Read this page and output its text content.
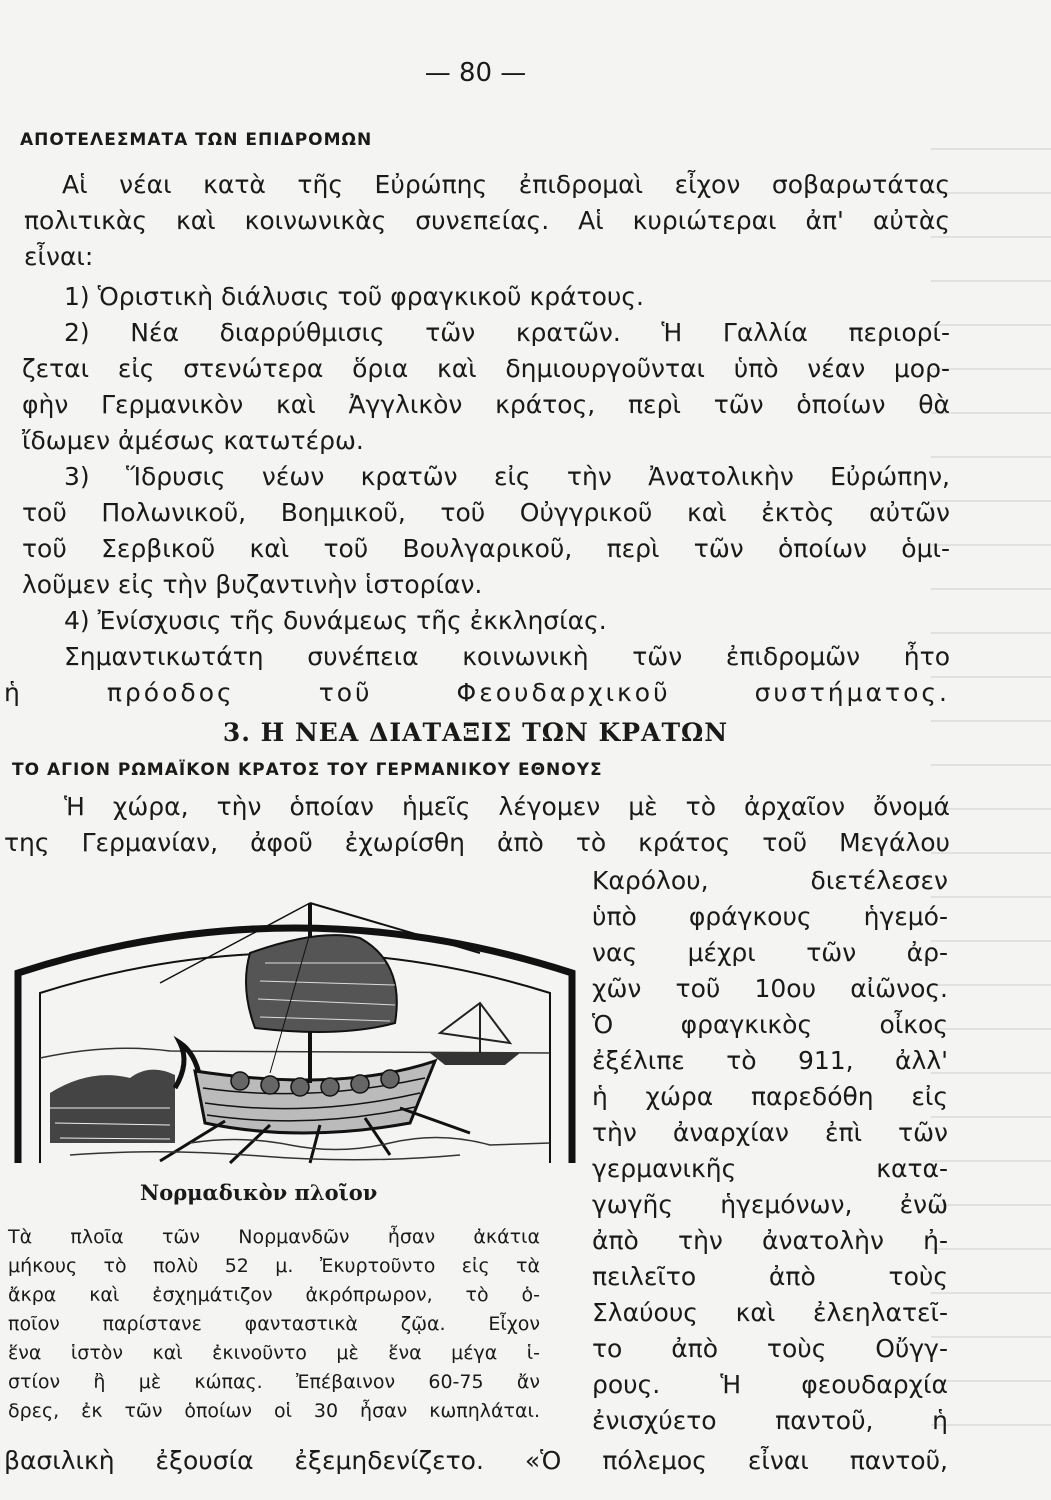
— 80 —
ΑΠΟΤΕΛΕΣΜΑΤΑ ΤΩΝ ΕΠΙΔΡΟΜΩΝ
Αἱ νέαι κατὰ τῆς Εὐρώπης ἐπιδρομαὶ εἶχον σοβαρωτάτας
πολιτικὰς καὶ κοινωνικὰς συνεπείας. Αἱ κυριώτεραι ἀπ' αὐτὰς
εἶναι:
1) Ὁριστικὴ διάλυσις τοῦ φραγκικοῦ κράτους.
2) Νέα διαρρύθμισις τῶν κρατῶν. Ἡ Γαλλία περιορί-
ζεται εἰς στενώτερα ὅρια καὶ δημιουργοῦνται ὑπὸ νέαν μορ-
φὴν Γερμανικὸν καὶ Ἀγγλικὸν κράτος, περὶ τῶν ὁποίων θὰ
ἴδωμεν ἀμέσως κατωτέρω.
3) Ἵδρυσις νέων κρατῶν εἰς τὴν Ἀνατολικὴν Εὐρώπην,
τοῦ Πολωνικοῦ, Βοημικοῦ, τοῦ Οὐγγρικοῦ καὶ ἐκτὸς αὐτῶν
τοῦ Σερβικοῦ καὶ τοῦ Βουλγαρικοῦ, περὶ τῶν ὁποίων ὁμι-
λοῦμεν εἰς τὴν βυζαντινὴν ἱστορίαν.
4) Ἐνίσχυσις τῆς δυνάμεως τῆς ἐκκλησίας.
Σημαντικωτάτη συνέπεια κοινωνικὴ τῶν ἐπιδρομῶν ἦτο
ἡ πρόοδος τοῦ Φεουδαρχικοῦ συστήματος.
3. Η ΝΕΑ ΔΙΑΤΑΞΙΣ ΤΩΝ ΚΡΑΤΩΝ
ΤΟ ΑΓΙΟΝ ΡΩΜΑΪΚΟΝ ΚΡΑΤΟΣ ΤΟΥ ΓΕΡΜΑΝΙΚΟΥ ΕΘΝΟΥΣ
Ἡ χώρα, τὴν ὁποίαν ἡμεῖς λέγομεν μὲ τὸ ἀρχαῖον ὄνομά
της Γερμανίαν, ἀφοῦ ἐχωρίσθη ἀπὸ τὸ κράτος τοῦ Μεγάλου
Καρόλου, διετέλεσεν
ὑπὸ φράγκους ἡγεμό-
νας μέχρι τῶν ἀρ-
χῶν τοῦ 10ου αἰῶνος.
Ὁ φραγκικὸς οἶκος
ἐξέλιπε τὸ 911, ἀλλ'
ἡ χώρα παρεδόθη εἰς
τὴν ἀναρχίαν ἐπὶ τῶν
γερμανικῆς κατα-
γωγῆς ἡγεμόνων, ἐνῶ
ἀπὸ τὴν ἀνατολὴν ἠ-
πειλεῖτο ἀπὸ τοὺς
Σλαύους καὶ ἐλεηλατεῖ-
το ἀπὸ τοὺς Οὔγγ-
ρους. Ἡ φεουδαρχία
ἐνισχύετο παντοῦ, ἡ
Νορμαδικὸν πλοῖον
Τὰ πλοῖα τῶν Νορμανδῶν ἦσαν ἀκάτια
μήκους τὸ πολὺ 52 μ. Ἐκυρτοῦντο εἰς τὰ
ἄκρα καὶ ἐσχημάτιζον ἀκρόπρωρον, τὸ ὁ-
ποῖον παρίστανε φανταστικὰ ζῷα. Εἶχον
ἕνα ἱστὸν καὶ ἐκινοῦντο μὲ ἕνα μέγα ἱ-
στίον ἢ μὲ κώπας. Ἐπέβαινον 60-75 ἄν
δρες, ἐκ τῶν ὁποίων οἱ 30 ἦσαν κωπηλάται.
βασιλικὴ ἐξουσία ἐξεμηδενίζετο. «Ὁ πόλεμος εἶναι παντοῦ,
